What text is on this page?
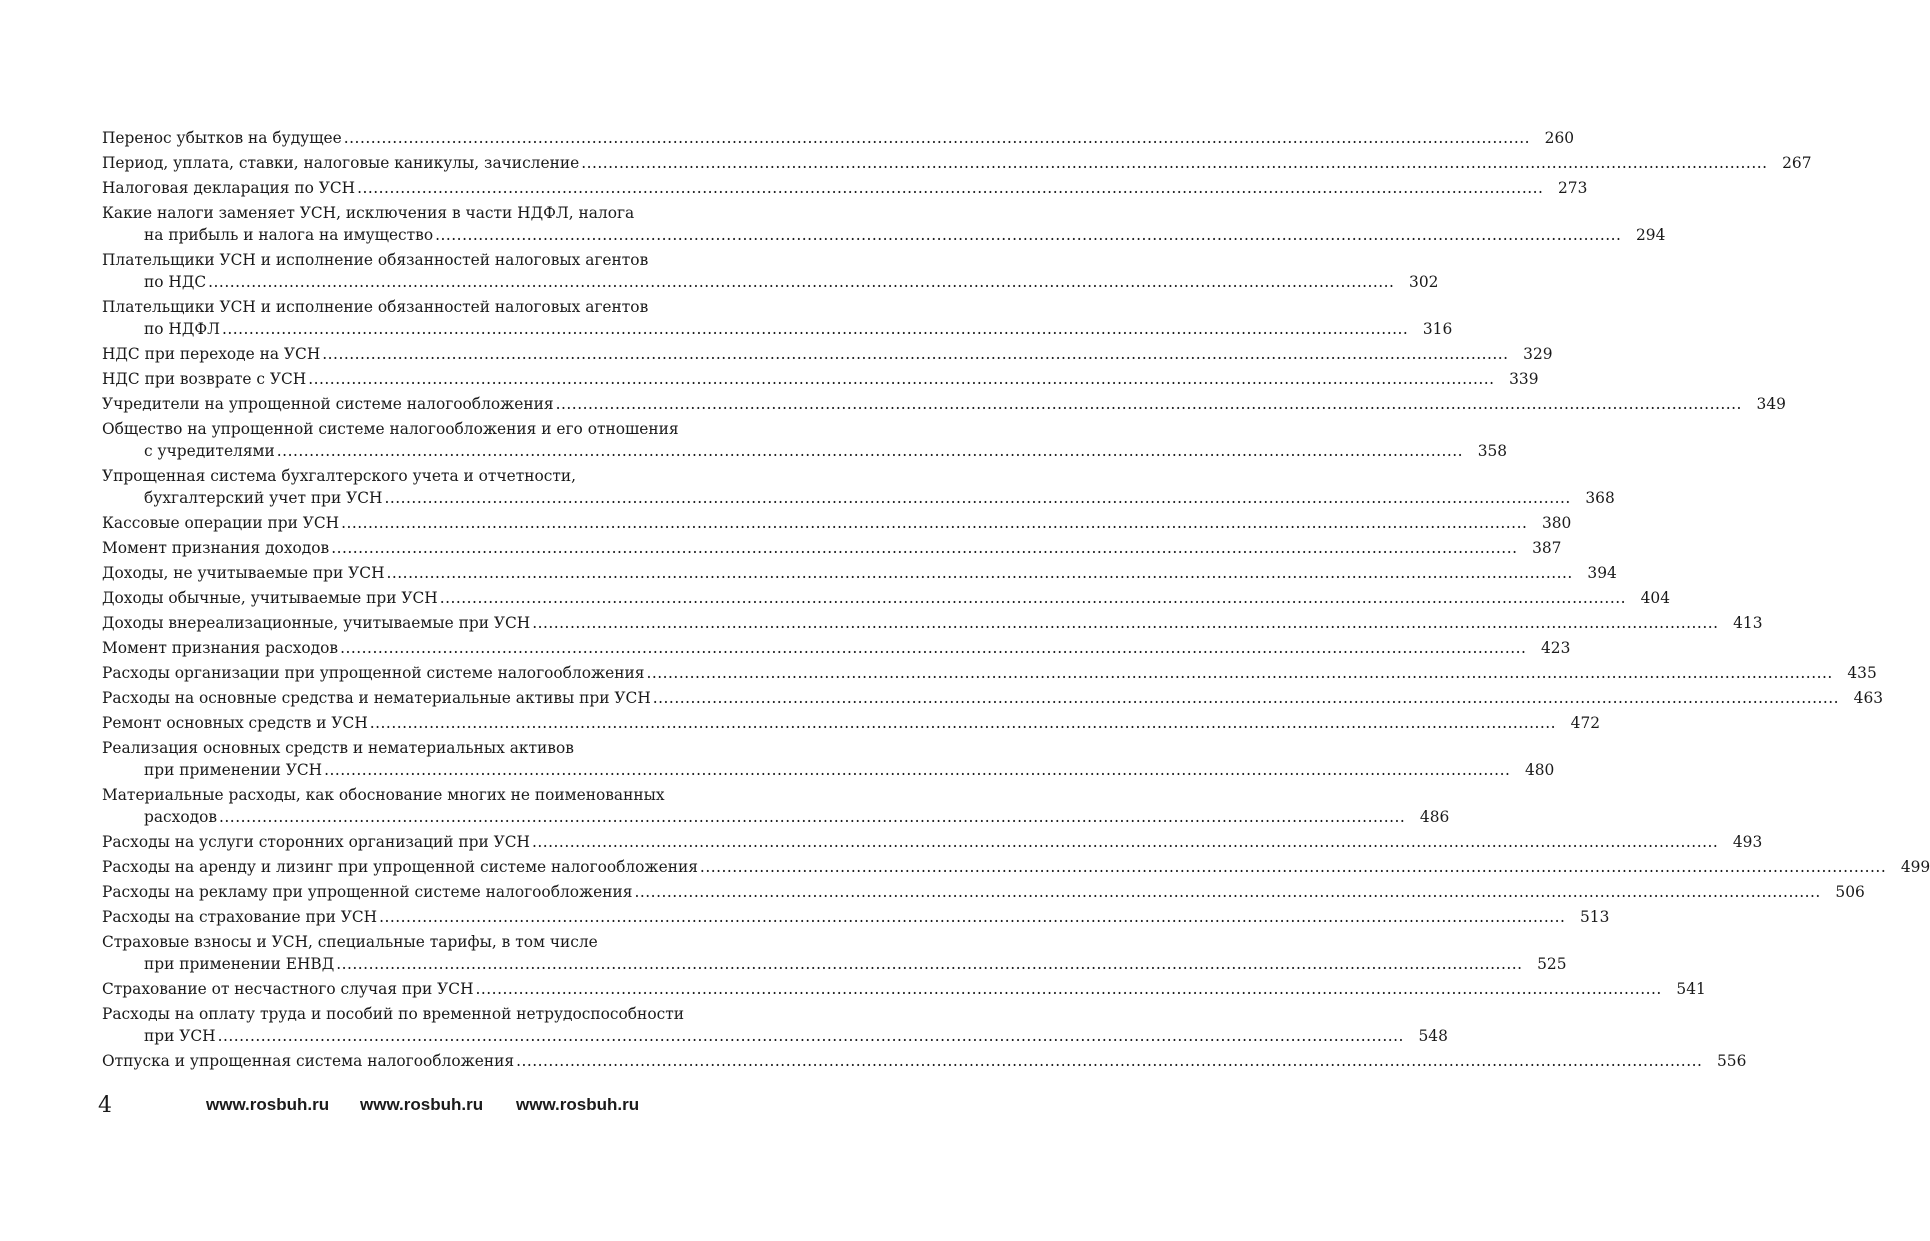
Перенос убытков на будущее ............................................................................................................................................................................................................................ 260
Период, уплата, ставки, налоговые каникулы, зачисление ............................................................................................................................................................................................................................ 267
Налоговая декларация по УСН ............................................................................................................................................................................................................................ 273
Какие налоги заменяет УСН, исключения в части НДФЛ, налога
на прибыль и налога на имущество ............................................................................................................................................................................................................................ 294
Плательщики УСН и исполнение обязанностей налоговых агентов
по НДС ............................................................................................................................................................................................................................ 302
Плательщики УСН и исполнение обязанностей налоговых агентов
по НДФЛ ............................................................................................................................................................................................................................ 316
НДС при переходе на УСН ............................................................................................................................................................................................................................ 329
НДС при возврате с УСН ............................................................................................................................................................................................................................ 339
Учредители на упрощенной системе налогообложения ............................................................................................................................................................................................................................ 349
Общество на упрощенной системе налогообложения и его отношения
с учредителями ............................................................................................................................................................................................................................ 358
Упрощенная система бухгалтерского учета и отчетности,
бухгалтерский учет при УСН ............................................................................................................................................................................................................................ 368
Кассовые операции при УСН ............................................................................................................................................................................................................................ 380
Момент признания доходов ............................................................................................................................................................................................................................ 387
Доходы, не учитываемые при УСН ............................................................................................................................................................................................................................ 394
Доходы обычные, учитываемые при УСН ............................................................................................................................................................................................................................ 404
Доходы внереализационные, учитываемые при УСН ............................................................................................................................................................................................................................ 413
Момент признания расходов ............................................................................................................................................................................................................................ 423
Расходы организации при упрощенной системе налогообложения ............................................................................................................................................................................................................................ 435
Расходы на основные средства и нематериальные активы при УСН ............................................................................................................................................................................................................................ 463
Ремонт основных средств и УСН ............................................................................................................................................................................................................................ 472
Реализация основных средств и нематериальных активов
при применении УСН ............................................................................................................................................................................................................................ 480
Материальные расходы, как обоснование многих не поименованных
расходов ............................................................................................................................................................................................................................ 486
Расходы на услуги сторонних организаций при УСН ............................................................................................................................................................................................................................ 493
Расходы на аренду и лизинг при упрощенной системе налогообложения ............................................................................................................................................................................................................................ 499
Расходы на рекламу при упрощенной системе налогообложения ............................................................................................................................................................................................................................ 506
Расходы на страхование при УСН ............................................................................................................................................................................................................................ 513
Страховые взносы и УСН, специальные тарифы, в том числе
при применении ЕНВД ............................................................................................................................................................................................................................ 525
Страхование от несчастного случая при УСН ............................................................................................................................................................................................................................ 541
Расходы на оплату труда и пособий по временной нетрудоспособности
при УСН ............................................................................................................................................................................................................................ 548
Отпуска и упрощенная система налогообложения ............................................................................................................................................................................................................................ 556
4	www.rosbuh.ru www.rosbuh.ru www.rosbuh.ru
